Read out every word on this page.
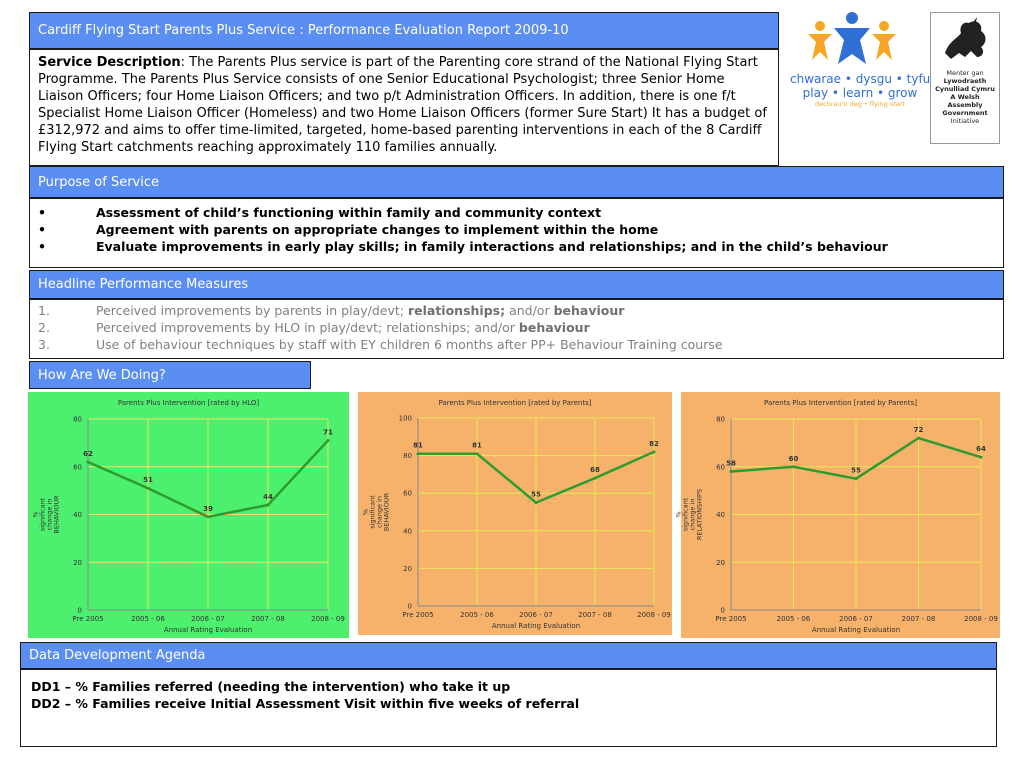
Cardiff Flying Start Parents Plus Service : Performance Evaluation Report 2009-10
Service Description: The Parents Plus service is part of the Parenting core strand of the National Flying Start Programme. The Parents Plus Service consists of one Senior Educational Psychologist; three Senior Home Liaison Officers; four Home Liaison Officers; and two p/t Administration Officers. In addition, there is one f/t Specialist Home Liaison Officer (Homeless) and two Home Liaison Officers (former Sure Start) It has a budget of £312,972 and aims to offer time-limited, targeted, home-based parenting interventions in each of the 8 Cardiff Flying Start catchments reaching approximately 110 families annually.
chwarae • dysgu • tyfu
play • learn • grow
dechrau'n deg • flying start
Menter gan
Lywodraeth Cynulliad Cymru
A Welsh Assembly Government
Initiative
Purpose of Service
•	Assessment of child’s functioning within family and community context
•	Agreement with parents on appropriate changes to implement within the home
•	Evaluate improvements in early play skills; in family interactions and relationships; and in the child’s behaviour
Headline Performance Measures
1.	Perceived improvements by parents in play/devt; relationships; and/or behaviour
2.	Perceived improvements by HLO in play/devt; relationships; and/or behaviour
3.	Use of behaviour techniques by staff with EY children 6 months after PP+ Behaviour Training course
How Are We Doing?
Parents Plus Intervention [rated by HLO]
0
20
40
60
80
Pre 2005	2005 - 06	2006 - 07	2007 - 08	2008 - 09
62
51
39
44
71
Annual Rating Evaluation
%significantchange inBEHAVIOUR
Parents Plus Intervention [rated by Parents]
0
20
40
60
80
100
Pre 2005	2005 - 06	2006 - 07	2007 - 08	2008 - 09
81	81
55
68
82
Annual Rating Evaluation
%significantchange inBEHAVIOUR
Parents Plus Intervention [rated by Parents]
0
20
40
60
80
Pre 2005	2005 - 06	2006 - 07	2007 - 08	2008 - 09
58
60
55
72
64
Annual Rating Evaluation
%significantchange inRELATIONSHIPS
Data Development Agenda
DD1 – % Families referred (needing the intervention) who take it up
DD2 – % Families receive Initial Assessment Visit within five weeks of referral
